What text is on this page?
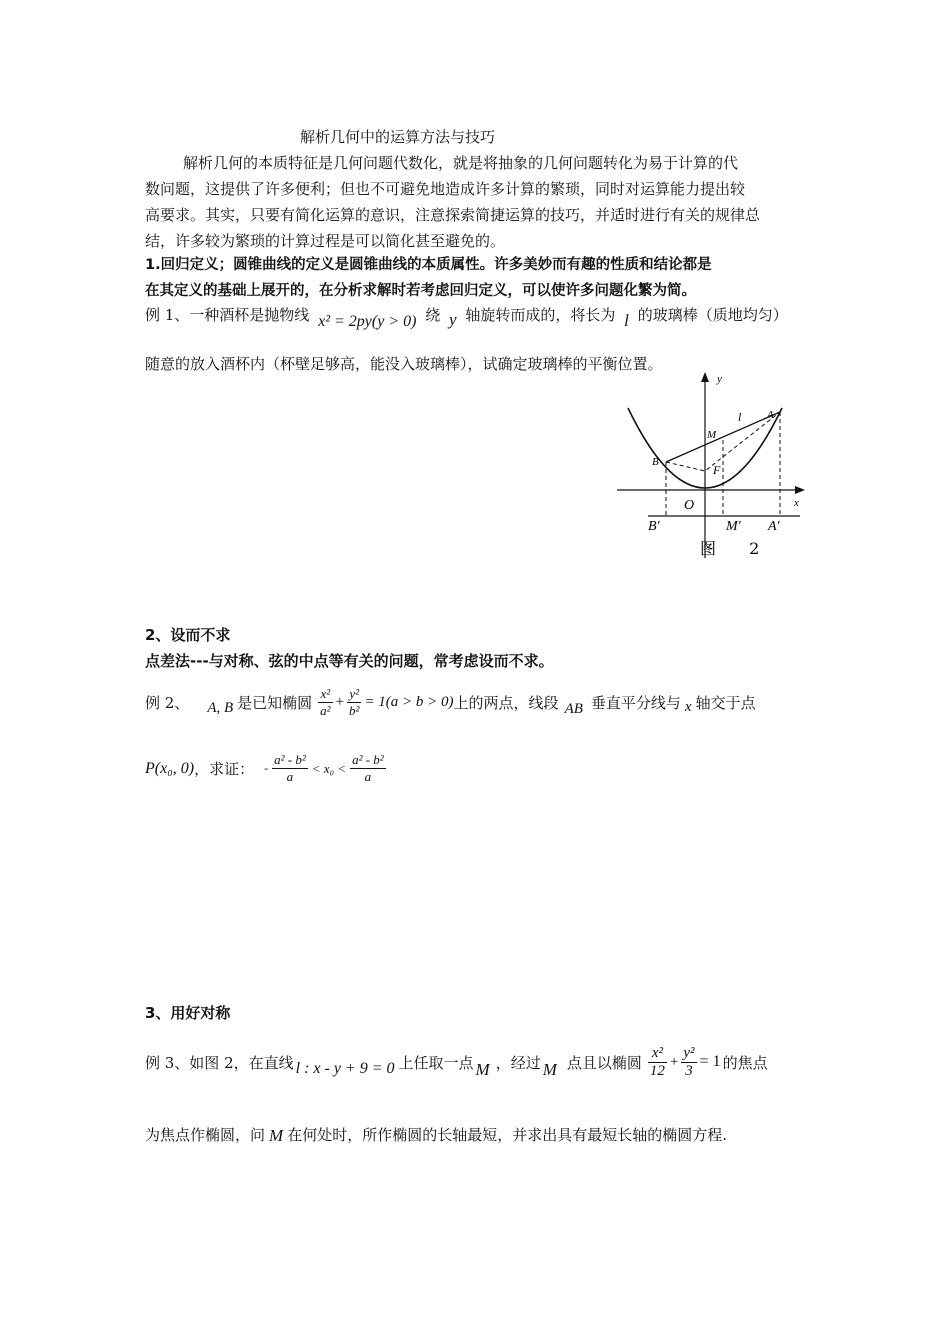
解析几何中的运算方法与技巧
解析几何的本质特征是几何问题代数化，就是将抽象的几何问题转化为易于计算的代
数问题，这提供了许多便利；但也不可避免地造成许多计算的繁琐，同时对运算能力提出较
高要求。其实，只要有简化运算的意识，注意探索简捷运算的技巧，并适时进行有关的规律总
结，许多较为繁琐的计算过程是可以简化甚至避免的。
1.回归定义；圆锥曲线的定义是圆锥曲线的本质属性。许多美妙而有趣的性质和结论都是
在其定义的基础上展开的，在分析求解时若考虑回归定义，可以使许多问题化繁为简。
例 1、一种酒杯是抛物线 x² = 2py(y > 0) 绕 y 轴旋转而成的，将长为 l 的玻璃棒（质地均匀）
随意的放入酒杯内（杯壁足够高，能没入玻璃棒），试确定玻璃棒的平衡位置。
y
x
O
A
B
M
F
l
B′	M′ A′
图 2
2、设而不求
点差法---与对称、弦的中点等有关的问题，常考虑设而不求。
例 2、 A, B 是已知椭圆 $\frac{\text{x²}}{\text{a²}} + \frac{\text{y²}}{\text{b²}} = 1(a > b > 0)$ 上的两点，线段 AB 垂直平分线与 x 轴交于点
P(x₀, 0) ，求证： - $\frac{\text{a² - b²}}{a} < x_0 < \frac{\text{a² - b²}}{a}$
3、用好对称
例 3、如图 2，在直线 l : x - y + 9 = 0 上任取一点 M ，经过 M 点且以椭圆 $\frac{\text{x²}}{12} + \frac{\text{y²}}{3} = 1$ 的焦点
为焦点作椭圆，问 M 在何处时，所作椭圆的长轴最短，并求出具有最短长轴的椭圆方程.
